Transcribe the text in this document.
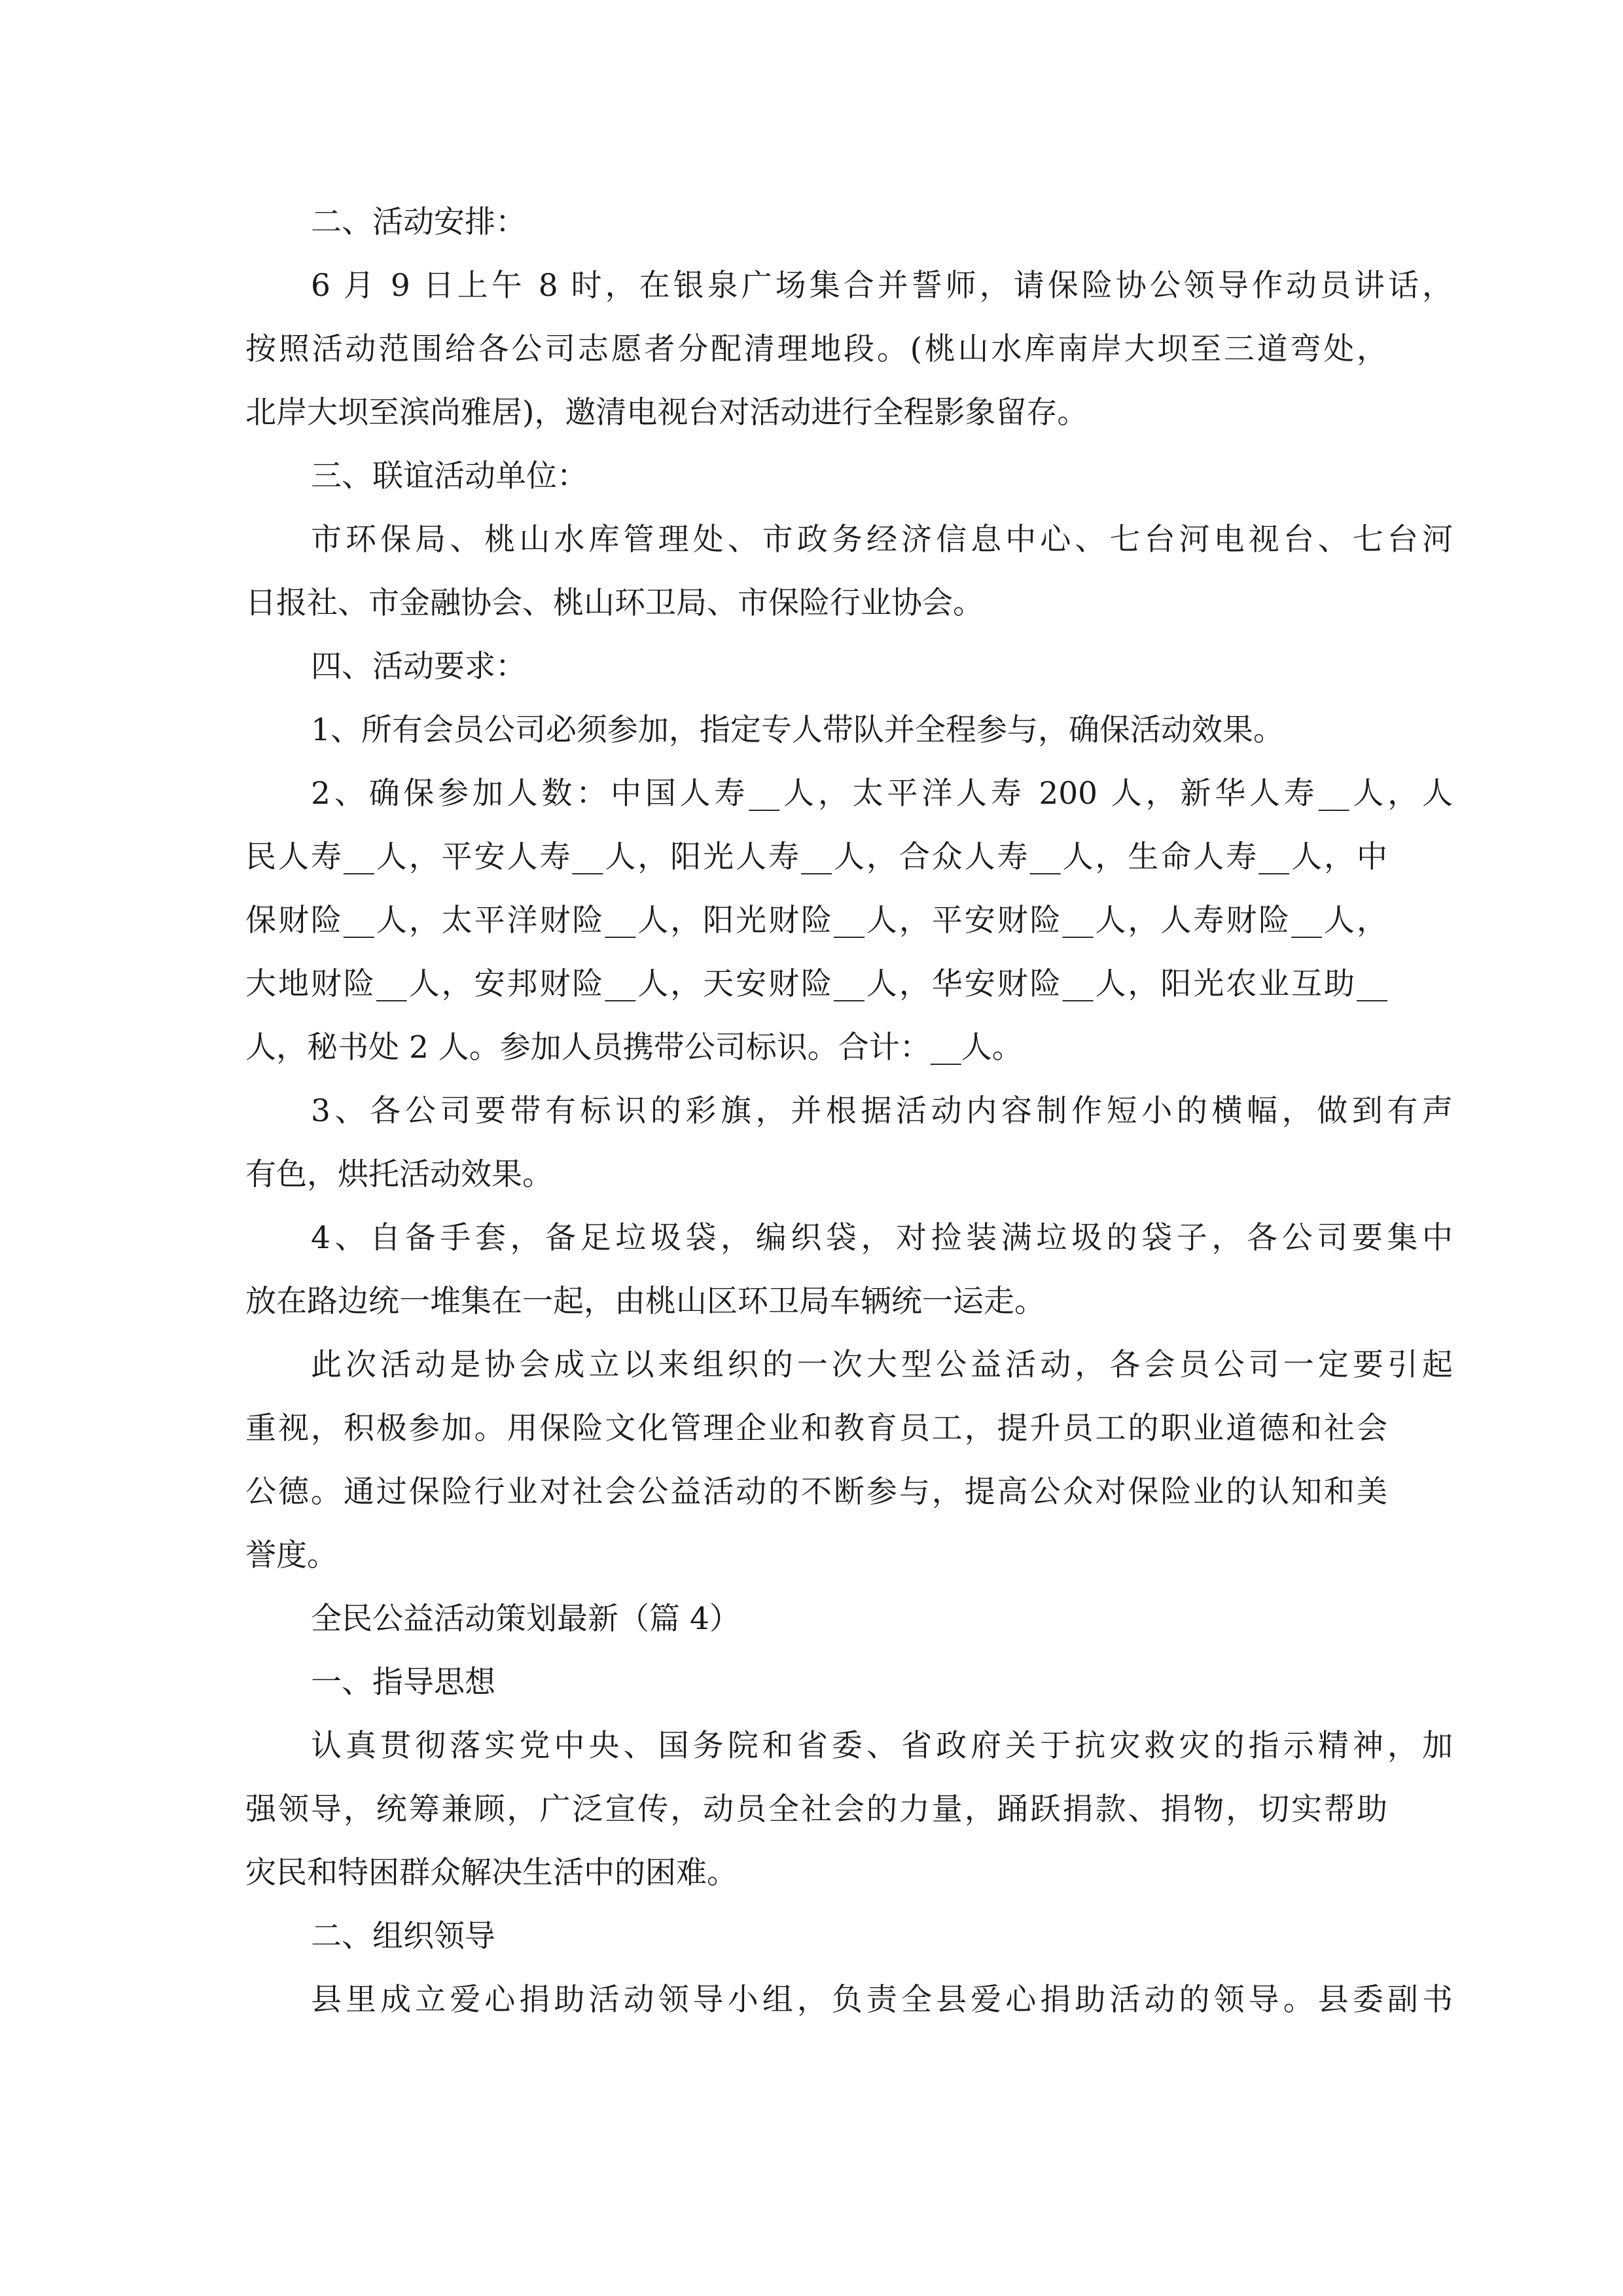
二、活动安排：
6 月 9 日上午 8 时，在银泉广场集合并誓师，请保险协公领导作动员讲话，
按照活动范围给各公司志愿者分配清理地段。(桃山水库南岸大坝至三道弯处，
北岸大坝至滨尚雅居)，邀清电视台对活动进行全程影象留存。
三、联谊活动单位：
市环保局、桃山水库管理处、市政务经济信息中心、七台河电视台、七台河
日报社、市金融协会、桃山环卫局、市保险行业协会。
四、活动要求：
1、所有会员公司必须参加，指定专人带队并全程参与，确保活动效果。
2、确保参加人数：中国人寿__人，太平洋人寿 200 人，新华人寿__人，人
民人寿__人，平安人寿__人，阳光人寿__人，合众人寿__人，生命人寿__人，中
保财险__人，太平洋财险__人，阳光财险__人，平安财险__人，人寿财险__人，
大地财险__人，安邦财险__人，天安财险__人，华安财险__人，阳光农业互助__
人，秘书处 2 人。参加人员携带公司标识。合计：__人。
3、各公司要带有标识的彩旗，并根据活动内容制作短小的横幅，做到有声
有色，烘托活动效果。
4、自备手套，备足垃圾袋，编织袋，对捡装满垃圾的袋子，各公司要集中
放在路边统一堆集在一起，由桃山区环卫局车辆统一运走。
此次活动是协会成立以来组织的一次大型公益活动，各会员公司一定要引起
重视，积极参加。用保险文化管理企业和教育员工，提升员工的职业道德和社会
公德。通过保险行业对社会公益活动的不断参与，提高公众对保险业的认知和美
誉度。
全民公益活动策划最新（篇 4）
一、指导思想
认真贯彻落实党中央、国务院和省委、省政府关于抗灾救灾的指示精神，加
强领导，统筹兼顾，广泛宣传，动员全社会的力量，踊跃捐款、捐物，切实帮助
灾民和特困群众解决生活中的困难。
二、组织领导
县里成立爱心捐助活动领导小组，负责全县爱心捐助活动的领导。县委副书
